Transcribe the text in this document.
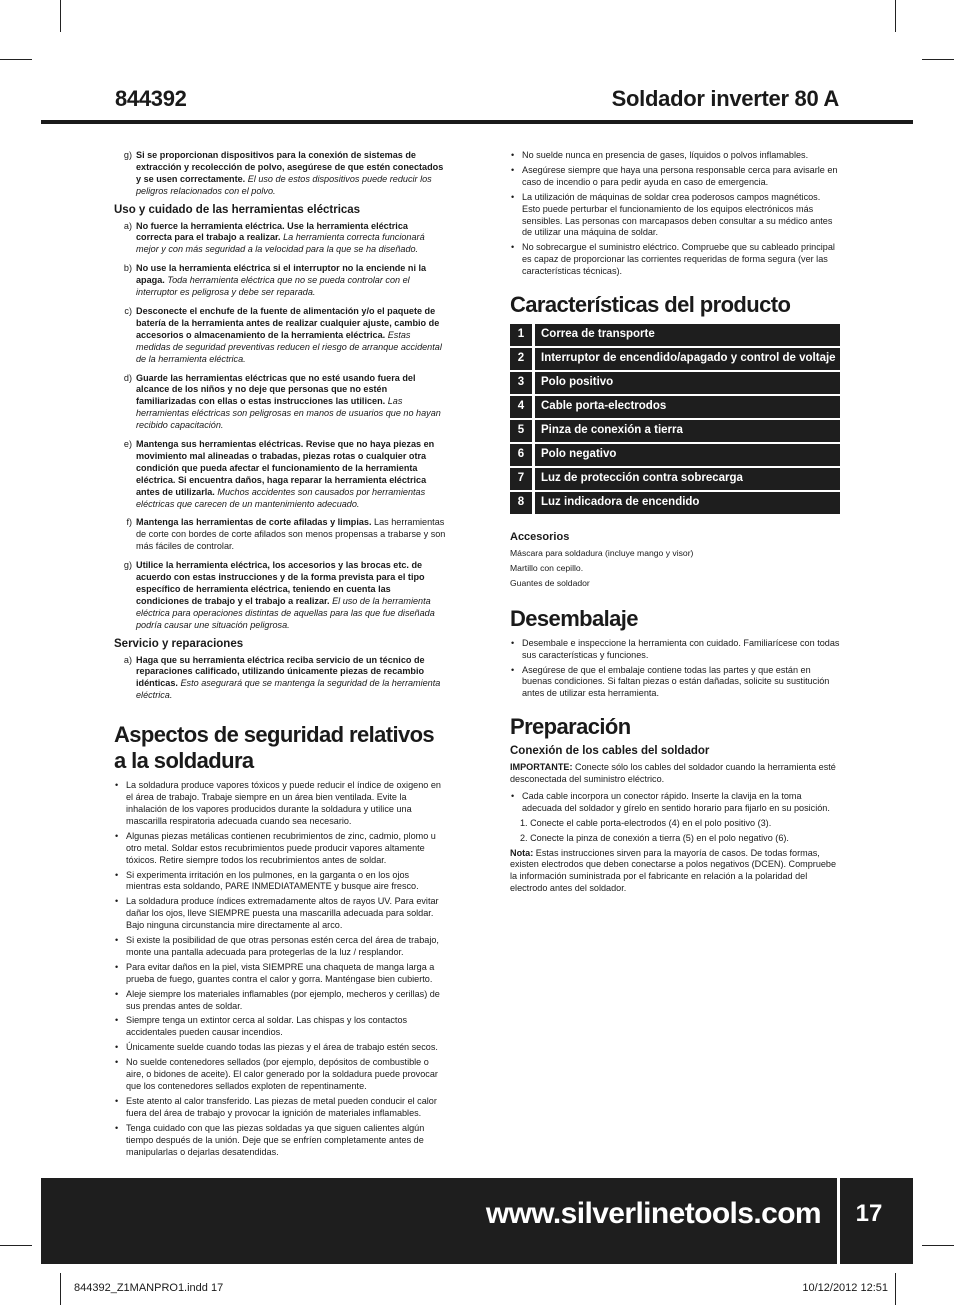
844392	Soldador inverter 80 A
g) Si se proporcionan dispositivos para la conexión de sistemas de extracción y recolección de polvo, asegúrese de que estén conectados y se usen correctamente. El uso de estos dispositivos puede reducir los peligros relacionados con el polvo.
Uso y cuidado de las herramientas eléctricas
a) No fuerce la herramienta eléctrica. Use la herramienta eléctrica correcta para el trabajo a realizar. La herramienta correcta funcionará mejor y con más seguridad a la velocidad para la que se ha diseñado.
b) No use la herramienta eléctrica si el interruptor no la enciende ni la apaga. Toda herramienta eléctrica que no se pueda controlar con el interruptor es peligrosa y debe ser reparada.
c) Desconecte el enchufe de la fuente de alimentación y/o el paquete de batería de la herramienta antes de realizar cualquier ajuste, cambio de accesorios o almacenamiento de la herramienta eléctrica. Estas medidas de seguridad preventivas reducen el riesgo de arranque accidental de la herramienta eléctrica.
d) Guarde las herramientas eléctricas que no esté usando fuera del alcance de los niños y no deje que personas que no estén familiarizadas con ellas o estas instrucciones las utilicen. Las herramientas eléctricas son peligrosas en manos de usuarios que no hayan recibido capacitación.
e) Mantenga sus herramientas eléctricas. Revise que no haya piezas en movimiento mal alineadas o trabadas, piezas rotas o cualquier otra condición que pueda afectar el funcionamiento de la herramienta eléctrica. Si encuentra daños, haga reparar la herramienta eléctrica antes de utilizarla. Muchos accidentes son causados por herramientas eléctricas que carecen de un mantenimiento adecuado.
f) Mantenga las herramientas de corte afiladas y limpias. Las herramientas de corte con bordes de corte afilados son menos propensas a trabarse y son más fáciles de controlar.
g) Utilice la herramienta eléctrica, los accesorios y las brocas etc. de acuerdo con estas instrucciones y de la forma prevista para el tipo específico de herramienta eléctrica, teniendo en cuenta las condiciones de trabajo y el trabajo a realizar. El uso de la herramienta eléctrica para operaciones distintas de aquellas para las que fue diseñada podría causar une situación peligrosa.
Servicio y reparaciones
a) Haga que su herramienta eléctrica reciba servicio de un técnico de reparaciones calificado, utilizando únicamente piezas de recambio idénticas. Esto asegurará que se mantenga la seguridad de la herramienta eléctrica.
Aspectos de seguridad relativos a la soldadura
• La soldadura produce vapores tóxicos y puede reducir el índice de oxigeno en el área de trabajo. Trabaje siempre en un área bien ventilada. Evite la inhalación de los vapores producidos durante la soldadura y utilice una mascarilla respiratoria adecuada cuando sea necesario.
• Algunas piezas metálicas contienen recubrimientos de zinc, cadmio, plomo u otro metal. Soldar estos recubrimientos puede producir vapores altamente tóxicos. Retire siempre todos los recubrimientos antes de soldar.
• Si experimenta irritación en los pulmones, en la garganta o en los ojos mientras esta soldando, PARE INMEDIATAMENTE y busque aire fresco.
• La soldadura produce índices extremadamente altos de rayos UV. Para evitar dañar los ojos, lleve SIEMPRE puesta una mascarilla adecuada para soldar. Bajo ninguna circunstancia mire directamente al arco.
• Si existe la posibilidad de que otras personas estén cerca del área de trabajo, monte una pantalla adecuada para protegerlas de la luz / resplandor.
• Para evitar daños en la piel, vista SIEMPRE una chaqueta de manga larga a prueba de fuego, guantes contra el calor y gorra. Manténgase bien cubierto.
• Aleje siempre los materiales inflamables (por ejemplo, mecheros y cerillas) de sus prendas antes de soldar.
• Siempre tenga un extintor cerca al soldar. Las chispas y los contactos accidentales pueden causar incendios.
• Únicamente suelde cuando todas las piezas y el área de trabajo estén secos.
• No suelde contenedores sellados (por ejemplo, depósitos de combustible o aire, o bidones de aceite). El calor generado por la soldadura puede provocar que los contenedores sellados exploten de repentinamente.
• Este atento al calor transferido. Las piezas de metal pueden conducir el calor fuera del área de trabajo y provocar la ignición de materiales inflamables.
• Tenga cuidado con que las piezas soldadas ya que siguen calientes algún tiempo después de la unión. Deje que se enfríen completamente antes de manipularlas o dejarlas desatendidas.
• No suelde nunca en presencia de gases, líquidos o polvos inflamables.
• Asegúrese siempre que haya una persona responsable cerca para avisarle en caso de incendio o para pedir ayuda en caso de emergencia.
• La utilización de máquinas de soldar crea poderosos campos magnéticos. Esto puede perturbar el funcionamiento de los equipos electrónicos más sensibles. Las personas con marcapasos deben consultar a su médico antes de utilizar una máquina de soldar.
• No sobrecargue el suministro eléctrico. Compruebe que su cableado principal es capaz de proporcionar las corrientes requeridas de forma segura (ver las características técnicas).
Características del producto
1	Correa de transporte
2	Interruptor de encendido/apagado y control de voltaje
3	Polo positivo
4	Cable porta-electrodos
5	Pinza de conexión a tierra
6	Polo negativo
7	Luz de protección contra sobrecarga
8	Luz indicadora de encendido
Accesorios
Máscara para soldadura (incluye mango y visor)
Martillo con cepillo.
Guantes de soldador
Desembalaje
• Desembale e inspeccione la herramienta con cuidado. Familiarícese con todas sus características y funciones.
• Asegúrese de que el embalaje contiene todas las partes y que están en buenas condiciones. Si faltan piezas o están dañadas, solicite su sustitución antes de utilizar esta herramienta.
Preparación
Conexión de los cables del soldador
IMPORTANTE: Conecte sólo los cables del soldador cuando la herramienta esté desconectada del suministro eléctrico.
• Cada cable incorpora un conector rápido. Inserte la clavija en la toma adecuada del soldador y gírelo en sentido horario para fijarlo en su posición.
1. Conecte el cable porta-electrodos (4) en el polo positivo (3).
2. Conecte la pinza de conexión a tierra (5) en el polo negativo (6).
Nota: Estas instrucciones sirven para la mayoría de casos. De todas formas, existen electrodos que deben conectarse a polos negativos (DCEN). Compruebe la información suministrada por el fabricante en relación a la polaridad del electrodo antes del soldador.
www.silverlinetools.com	17
844392_Z1MANPRO1.indd 17	10/12/2012 12:51
